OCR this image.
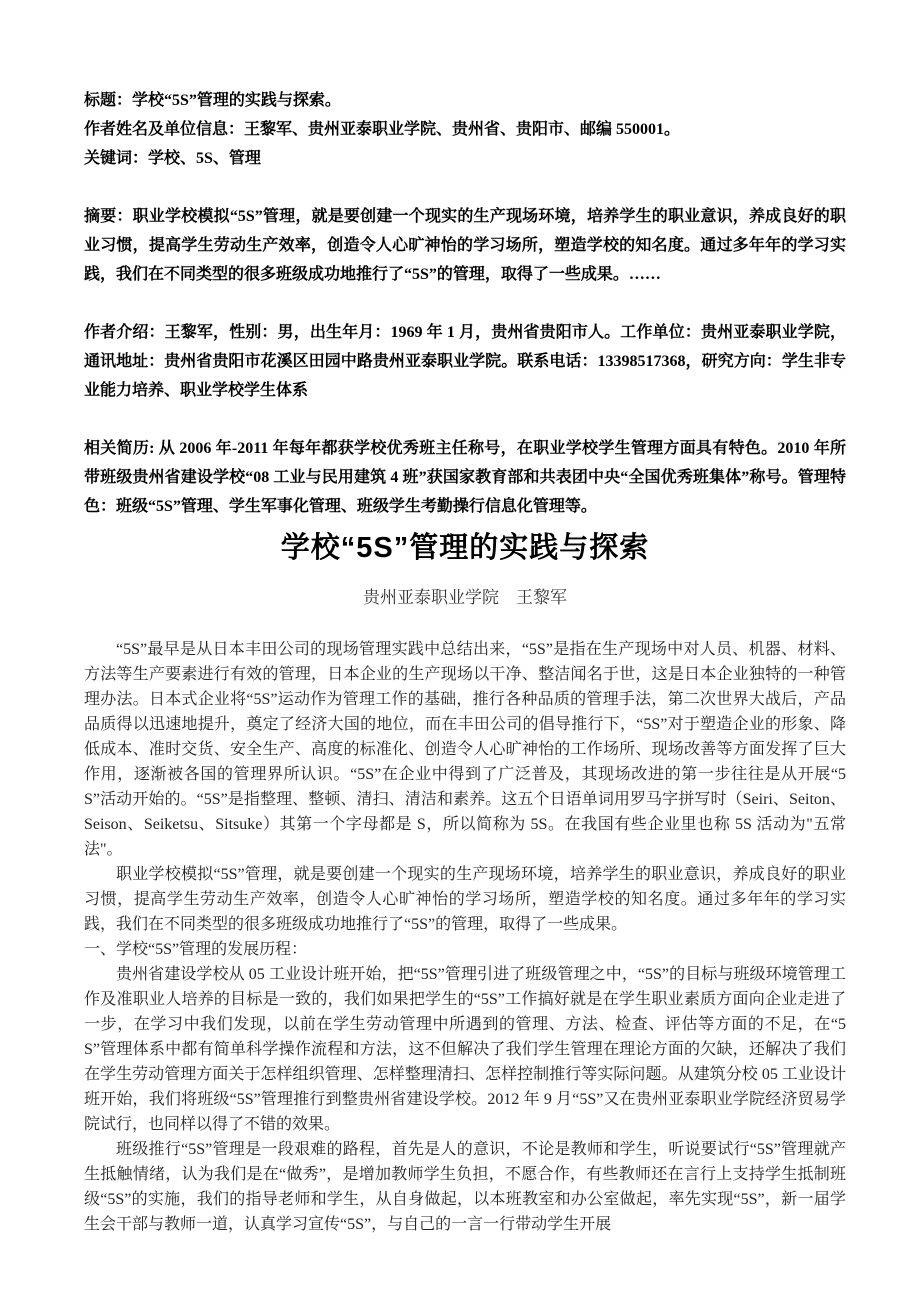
标题：学校“5S”管理的实践与探索。
作者姓名及单位信息：王黎军、贵州亚泰职业学院、贵州省、贵阳市、邮编 550001。
关键词：学校、5S、管理
摘要：职业学校模拟“5S”管理，就是要创建一个现实的生产现场环境，培养学生的职业意识，养成良好的职业习惯，提高学生劳动生产效率，创造令人心旷神怡的学习场所，塑造学校的知名度。通过多年年的学习实践，我们在不同类型的很多班级成功地推行了“5S”的管理，取得了一些成果。……
作者介绍：王黎军，性别：男，出生年月：1969 年 1 月，贵州省贵阳市人。工作单位：贵州亚泰职业学院，通讯地址：贵州省贵阳市花溪区田园中路贵州亚泰职业学院。联系电话：13398517368，研究方向：学生非专业能力培养、职业学校学生体系
相关简历: 从 2006 年-2011 年每年都获学校优秀班主任称号，在职业学校学生管理方面具有特色。2010 年所带班级贵州省建设学校“08 工业与民用建筑 4 班”获国家教育部和共表团中央“全国优秀班集体”称号。管理特色：班级“5S”管理、学生军事化管理、班级学生考勤操行信息化管理等。
学校“5S”管理的实践与探索
贵州亚泰职业学院　王黎军
“5S”最早是从日本丰田公司的现场管理实践中总结出来，“5S”是指在生产现场中对人员、机器、材料、方法等生产要素进行有效的管理，日本企业的生产现场以干净、整洁闻名于世，这是日本企业独特的一种管理办法。日本式企业将“5S”运动作为管理工作的基础，推行各种品质的管理手法，第二次世界大战后，产品品质得以迅速地提升，奠定了经济大国的地位，而在丰田公司的倡导推行下，“5S”对于塑造企业的形象、降低成本、准时交货、安全生产、高度的标准化、创造令人心旷神怡的工作场所、现场改善等方面发挥了巨大作用，逐渐被各国的管理界所认识。“5S”在企业中得到了广泛普及，其现场改进的第一步往往是从开展“5S”活动开始的。“5S”是指整理、整顿、清扫、清洁和素养。这五个日语单词用罗马字拼写时（Seiri、Seiton、Seison、Seiketsu、Sitsuke）其第一个字母都是 S，所以简称为 5S。在我国有些企业里也称 5S 活动为"五常法"。
职业学校模拟“5S”管理，就是要创建一个现实的生产现场环境，培养学生的职业意识，养成良好的职业习惯，提高学生劳动生产效率，创造令人心旷神怡的学习场所，塑造学校的知名度。通过多年年的学习实践，我们在不同类型的很多班级成功地推行了“5S”的管理，取得了一些成果。
一、学校“5S”管理的发展历程：
贵州省建设学校从 05 工业设计班开始，把“5S”管理引进了班级管理之中，“5S”的目标与班级环境管理工作及准职业人培养的目标是一致的，我们如果把学生的“5S”工作搞好就是在学生职业素质方面向企业走进了一步，在学习中我们发现，以前在学生劳动管理中所遇到的管理、方法、检查、评估等方面的不足，在“5S”管理体系中都有简单科学操作流程和方法，这不但解决了我们学生管理在理论方面的欠缺，还解决了我们在学生劳动管理方面关于怎样组织管理、怎样整理清扫、怎样控制推行等实际问题。从建筑分校 05 工业设计班开始，我们将班级“5S”管理推行到整贵州省建设学校。2012 年 9 月“5S”又在贵州亚泰职业学院经济贸易学院试行，也同样以得了不错的效果。
班级推行“5S”管理是一段艰难的路程，首先是人的意识，不论是教师和学生，听说要试行“5S”管理就产生抵触情绪，认为我们是在“做秀”，是增加教师学生负担，不愿合作，有些教师还在言行上支持学生抵制班级“5S”的实施，我们的指导老师和学生，从自身做起，以本班教室和办公室做起，率先实现“5S”，新一届学生会干部与教师一道，认真学习宣传“5S”，与自己的一言一行带动学生开展
